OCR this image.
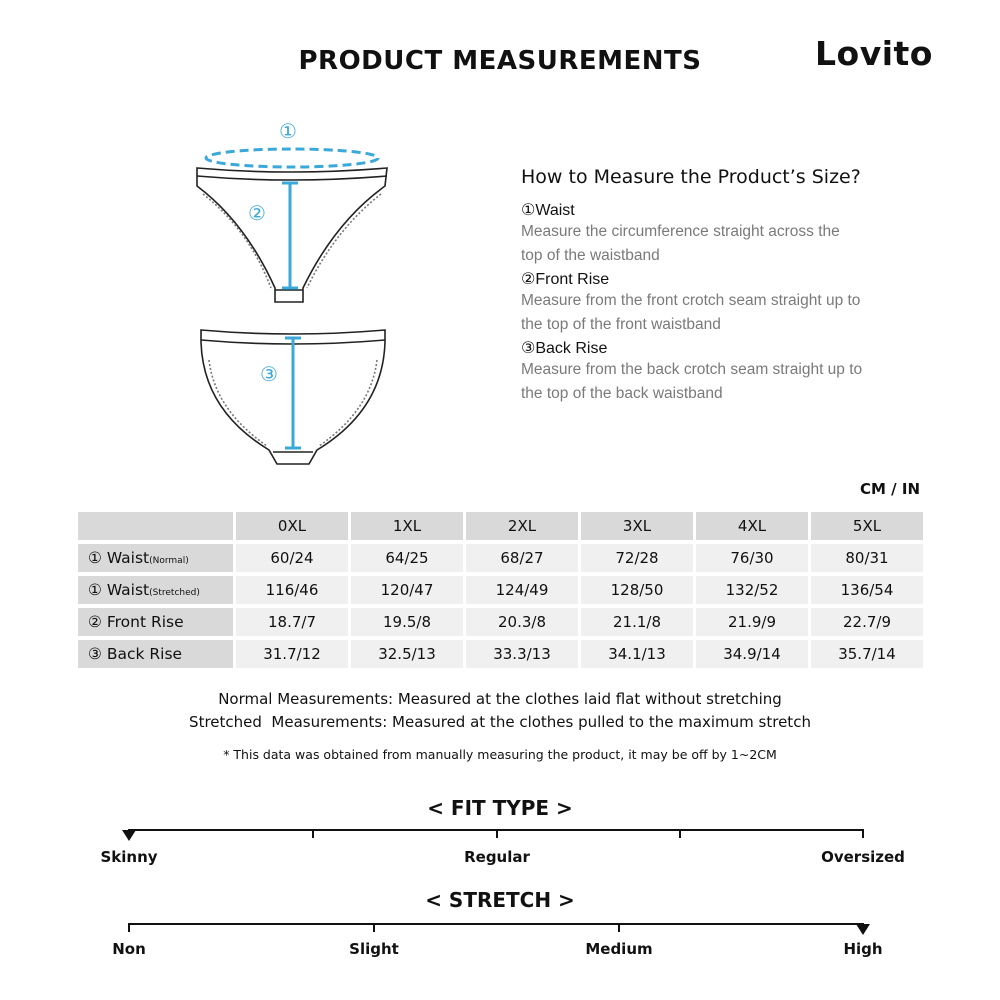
PRODUCT MEASUREMENTS	Lovito
①
②
③
How to Measure the Product’s Size?
①Waist
Measure the circumference straight across the
top of the waistband
②Front Rise
Measure from the front crotch seam straight up to
the top of the front waistband
③Back Rise
Measure from the back crotch seam straight up to
the top of the back waistband
CM / IN
	0XL	1XL	2XL	3XL	4XL	5XL
① Waist(Normal)	60/24	64/25	68/27	72/28	76/30	80/31
① Waist(Stretched)	116/46	120/47	124/49	128/50	132/52	136/54
② Front Rise	18.7/7	19.5/8	20.3/8	21.1/8	21.9/9	22.7/9
③ Back Rise	31.7/12	32.5/13	33.3/13	34.1/13	34.9/14	35.7/14
Normal Measurements: Measured at the clothes laid flat without stretching
Stretched  Measurements: Measured at the clothes pulled to the maximum stretch
* This data was obtained from manually measuring the product, it may be off by 1~2CM
< FIT TYPE >
Skinny	Regular	Oversized
< STRETCH >
Non	Slight	Medium	High
